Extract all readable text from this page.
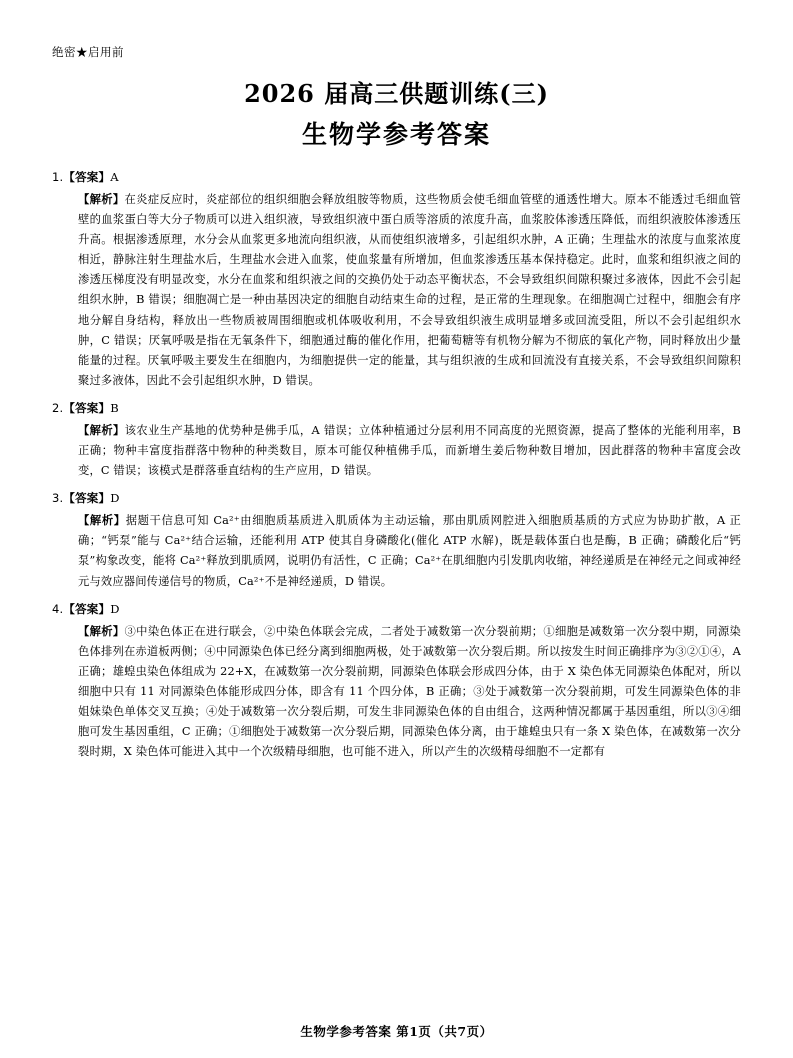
绝密★启用前
2026 届高三供题训练(三)
生物学参考答案
1.【答案】A
【解析】在炎症反应时，炎症部位的组织细胞会释放组胺等物质，这些物质会使毛细血管壁的通透性增大。原本不能透过毛细血管壁的血浆蛋白等大分子物质可以进入组织液，导致组织液中蛋白质等溶质的浓度升高，血浆胶体渗透压降低，而组织液胶体渗透压升高。根据渗透原理，水分会从血浆更多地流向组织液，从而使组织液增多，引起组织水肿，A 正确；生理盐水的浓度与血浆浓度相近，静脉注射生理盐水后，生理盐水会进入血浆，使血浆量有所增加，但血浆渗透压基本保持稳定。此时，血浆和组织液之间的渗透压梯度没有明显改变，水分在血浆和组织液之间的交换仍处于动态平衡状态，不会导致组织间隙积聚过多液体，因此不会引起组织水肿，B 错误；细胞凋亡是一种由基因决定的细胞自动结束生命的过程，是正常的生理现象。在细胞凋亡过程中，细胞会有序地分解自身结构，释放出一些物质被周围细胞或机体吸收利用，不会导致组织液生成明显增多或回流受阻，所以不会引起组织水肿，C 错误；厌氧呼吸是指在无氧条件下，细胞通过酶的催化作用，把葡萄糖等有机物分解为不彻底的氧化产物，同时释放出少量能量的过程。厌氧呼吸主要发生在细胞内，为细胞提供一定的能量，其与组织液的生成和回流没有直接关系，不会导致组织间隙积聚过多液体，因此不会引起组织水肿，D 错误。
2.【答案】B
【解析】该农业生产基地的优势种是佛手瓜，A 错误；立体种植通过分层利用不同高度的光照资源，提高了整体的光能利用率，B 正确；物种丰富度指群落中物种的种类数目，原本可能仅种植佛手瓜，而新增生姜后物种数目增加，因此群落的物种丰富度会改变，C 错误；该模式是群落垂直结构的生产应用，D 错误。
3.【答案】D
【解析】据题干信息可知 Ca²⁺由细胞质基质进入肌质体为主动运输，那由肌质网腔进入细胞质基质的方式应为协助扩散，A 正确；“钙泵”能与 Ca²⁺结合运输，还能利用 ATP 使其自身磷酸化(催化 ATP 水解)，既是载体蛋白也是酶，B 正确；磷酸化后“钙泵”构象改变，能将 Ca²⁺释放到肌质网，说明仍有活性，C 正确；Ca²⁺在肌细胞内引发肌肉收缩，神经递质是在神经元之间或神经元与效应器间传递信号的物质，Ca²⁺不是神经递质，D 错误。
4.【答案】D
【解析】③中染色体正在进行联会，②中染色体联会完成，二者处于减数第一次分裂前期；①细胞是减数第一次分裂中期，同源染色体排列在赤道板两侧；④中同源染色体已经分离到细胞两极，处于减数第一次分裂后期。所以按发生时间正确排序为③②①④，A 正确；雄蝗虫染色体组成为 22+X，在减数第一次分裂前期，同源染色体联会形成四分体，由于 X 染色体无同源染色体配对，所以细胞中只有 11 对同源染色体能形成四分体，即含有 11 个四分体，B 正确；③处于减数第一次分裂前期，可发生同源染色体的非姐妹染色单体交叉互换；④处于减数第一次分裂后期，可发生非同源染色体的自由组合，这两种情况都属于基因重组，所以③④细胞可发生基因重组，C 正确；①细胞处于减数第一次分裂后期，同源染色体分离，由于雄蝗虫只有一条 X 染色体，在减数第一次分裂时期，X 染色体可能进入其中一个次级精母细胞，也可能不进入，所以产生的次级精母细胞不一定都有
生物学参考答案 第1页（共7页）
